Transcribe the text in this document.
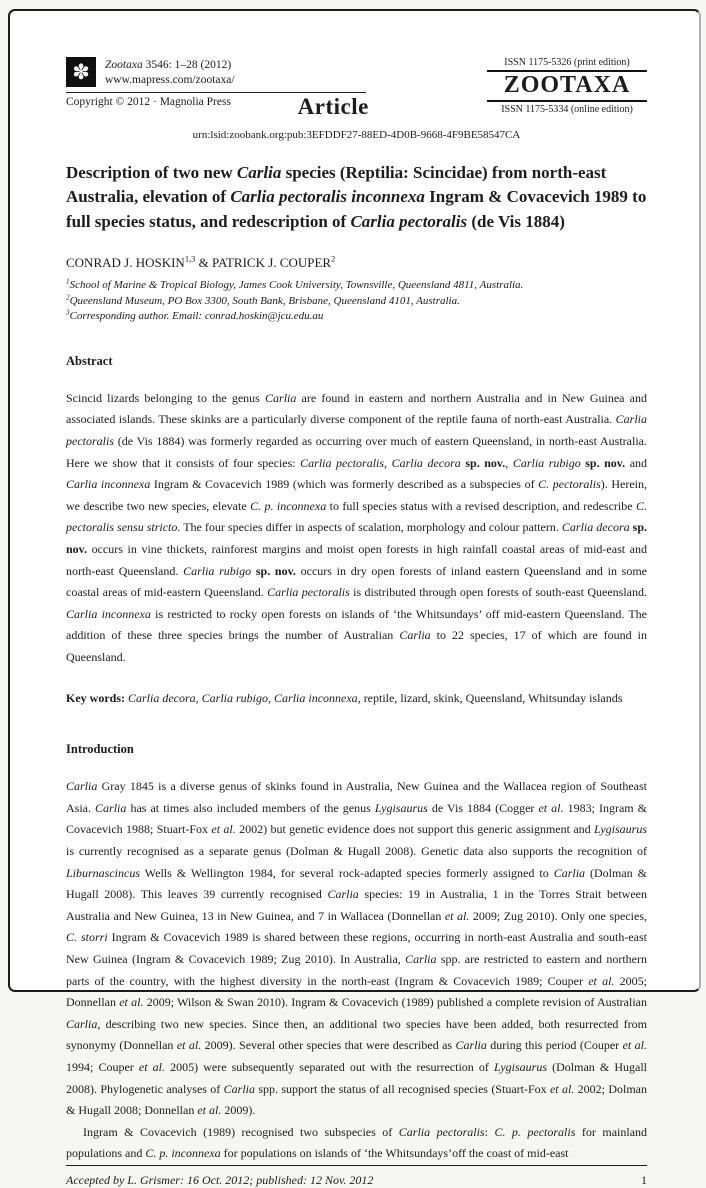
✽	Zootaxa 3546: 1–28 (2012)
www.mapress.com/zootaxa/
Copyright © 2012 · Magnolia Press	Article
ISSN 1175-5326 (print edition)
ZOOTAXA
ISSN 1175-5334 (online edition)
urn:lsid:zoobank.org:pub:3EFDDF27-88ED-4D0B-9668-4F9BE58547CA
Description of two new Carlia species (Reptilia: Scincidae) from north-east Australia, elevation of Carlia pectoralis inconnexa Ingram & Covacevich 1989 to full species status, and redescription of Carlia pectoralis (de Vis 1884)
CONRAD J. HOSKIN$^{1,3}$ & PATRICK J. COUPER$^2$

$^1$School of Marine & Tropical Biology, James Cook University, Townsville, Queensland 4811, Australia.

$^2$Queensland Museum, PO Box 3300, South Bank, Brisbane, Queensland 4101, Australia.

$^3$Corresponding author. Email: conrad.hoskin@jcu.edu.au

Abstract

Scincid lizards belonging to the genus Carlia are found in eastern and northern Australia and in New Guinea and associated islands. These skinks are a particularly diverse component of the reptile fauna of north-east Australia. Carlia pectoralis (de Vis 1884) was formerly regarded as occurring over much of eastern Queensland, in north-east Australia. Here we show that it consists of four species: Carlia pectoralis, Carlia decora sp. nov., Carlia rubigo sp. nov. and Carlia inconnexa Ingram & Covacevich 1989 (which was formerly described as a subspecies of C. pectoralis). Herein, we describe two new species, elevate C. p. inconnexa to full species status with a revised description, and redescribe C. pectoralis sensu stricto. The four species differ in aspects of scalation, morphology and colour pattern. Carlia decora sp. nov. occurs in vine thickets, rainforest margins and moist open forests in high rainfall coastal areas of mid-east and north-east Queensland. Carlia rubigo sp. nov. occurs in dry open forests of inland eastern Queensland and in some coastal areas of mid-eastern Queensland. Carlia pectoralis is distributed through open forests of south-east Queensland. Carlia inconnexa is restricted to rocky open forests on islands of ‘the Whitsundays’ off mid-eastern Queensland. The addition of these three species brings the number of Australian Carlia to 22 species, 17 of which are found in Queensland.

Key words: Carlia decora, Carlia rubigo, Carlia inconnexa, reptile, lizard, skink, Queensland, Whitsunday islands

Introduction

Carlia Gray 1845 is a diverse genus of skinks found in Australia, New Guinea and the Wallacea region of Southeast Asia. Carlia has at times also included members of the genus Lygisaurus de Vis 1884 (Cogger et al. 1983; Ingram & Covacevich 1988; Stuart-Fox et al. 2002) but genetic evidence does not support this generic assignment and Lygisaurus is currently recognised as a separate genus (Dolman & Hugall 2008). Genetic data also supports the recognition of Liburnascincus Wells & Wellington 1984, for several rock-adapted species formerly assigned to Carlia (Dolman & Hugall 2008). This leaves 39 currently recognised Carlia species: 19 in Australia, 1 in the Torres Strait between Australia and New Guinea, 13 in New Guinea, and 7 in Wallacea (Donnellan et al. 2009; Zug 2010). Only one species, C. storri Ingram & Covacevich 1989 is shared between these regions, occurring in north-east Australia and south-east New Guinea (Ingram & Covacevich 1989; Zug 2010). In Australia, Carlia spp. are restricted to eastern and northern parts of the country, with the highest diversity in the north-east (Ingram & Covacevich 1989; Couper et al. 2005; Donnellan et al. 2009; Wilson & Swan 2010). Ingram & Covacevich (1989) published a complete revision of Australian Carlia, describing two new species. Since then, an additional two species have been added, both resurrected from synonymy (Donnellan et al. 2009). Several other species that were described as Carlia during this period (Couper et al. 1994; Couper et al. 2005) were subsequently separated out with the resurrection of Lygisaurus (Dolman & Hugall 2008). Phylogenetic analyses of Carlia spp. support the status of all recognised species (Stuart-Fox et al. 2002; Dolman & Hugall 2008; Donnellan et al. 2009).

Ingram & Covacevich (1989) recognised two subspecies of Carlia pectoralis: C. p. pectoralis for mainland populations and C. p. inconnexa for populations on islands of ‘the Whitsundays’off the coast of mid-east

Accepted by L. Grismer: 16 Oct. 2012; published: 12 Nov. 2012	1
